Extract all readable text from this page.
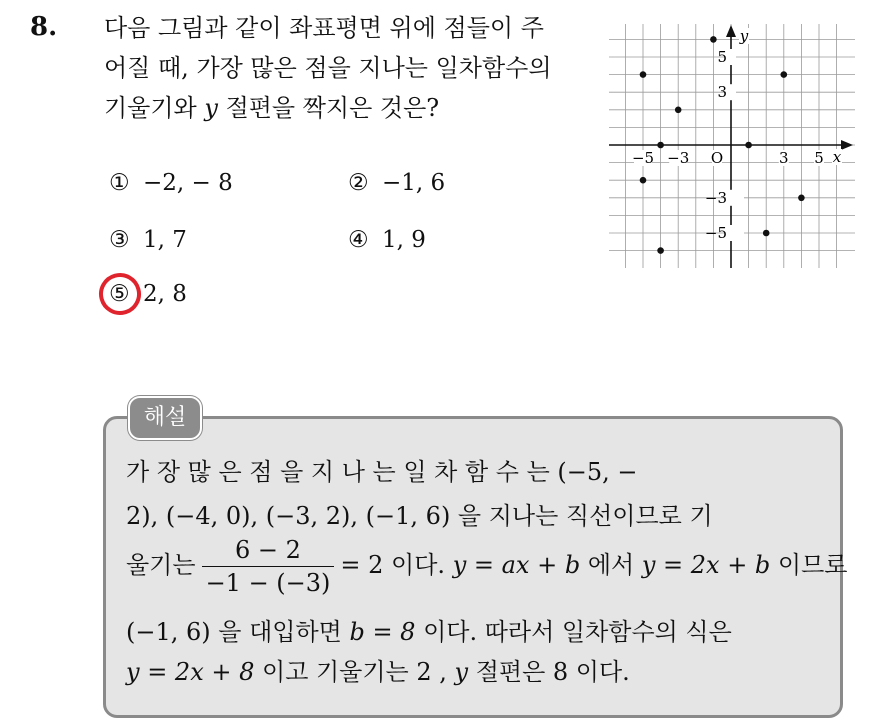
8. 다음 그림과 같이 좌표평면 위에 점들이 주
어질 때, 가장 많은 점을 지나는 일차함수의
기울기와 y 절편을 짝지은 것은?
① −2, − 8	② −1, 6
③ 1, 7	④ 1, 9
⑤ 2, 8
−5 −3	3 5
5
3
−3
−5
O	x
y
해설
가 장 많 은 점 을 지 나 는 일 차 함 수 는 (−5, −
2), (−4, 0), (−3, 2), (−1, 6) 을 지나는 직선이므로 기
울기는 $\frac{6 - 2}{-1 - (-3)} = 2$ 이다. y = ax + b 에서 y = 2x + b 이므로
(−1, 6) 을 대입하면 b = 8 이다. 따라서 일차함수의 식은
y = 2x + 8 이고 기울기는 2 , y 절편은 8 이다.
